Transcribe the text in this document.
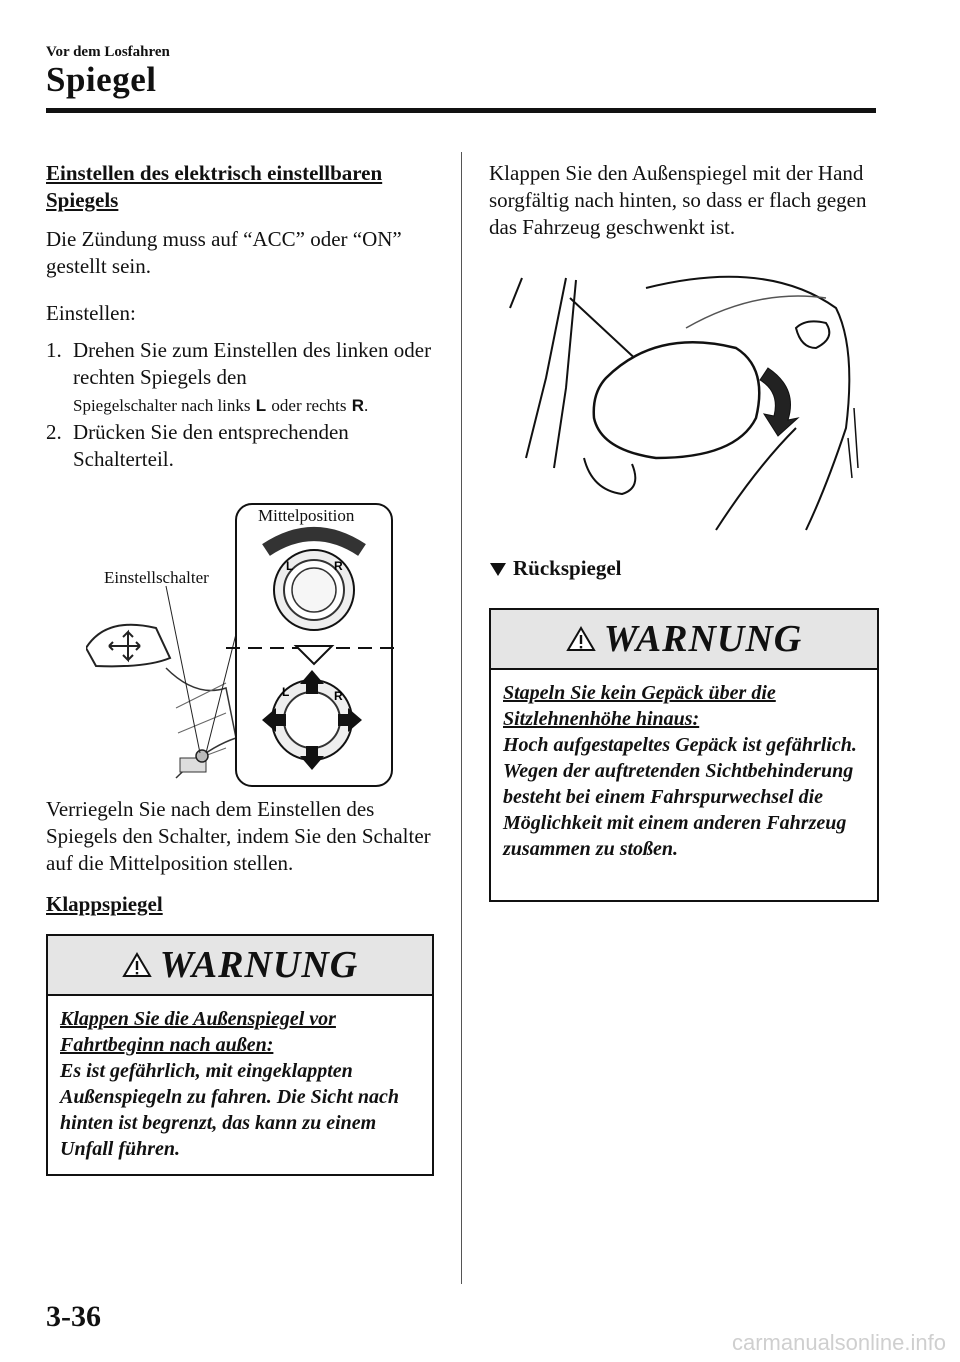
Vor dem Losfahren
Spiegel
Einstellen des elektrisch einstellbaren Spiegels
Die Zündung muss auf “ACC” oder “ON” gestellt sein.
Einstellen:
1. Drehen Sie zum Einstellen des linken oder rechten Spiegels den
Spiegelschalter nach links L oder rechts R.
2. Drücken Sie den entsprechenden Schalterteil.
L	R
L	R
Mittelposition
Einstellschalter
Verriegeln Sie nach dem Einstellen des Spiegels den Schalter, indem Sie den Schalter auf die Mittelposition stellen.
Klappspiegel
WARNUNG
Klappen Sie die Außenspiegel vor Fahrtbeginn nach außen:
Es ist gefährlich, mit eingeklappten Außenspiegeln zu fahren. Die Sicht nach hinten ist begrenzt, das kann zu einem Unfall führen.
Klappen Sie den Außenspiegel mit der Hand sorgfältig nach hinten, so dass er flach gegen das Fahrzeug geschwenkt ist.
Rückspiegel
WARNUNG
Stapeln Sie kein Gepäck über die Sitzlehnenhöhe hinaus:
Hoch aufgestapeltes Gepäck ist gefährlich. Wegen der auftretenden Sichtbehinderung besteht bei einem Fahrspurwechsel die Möglichkeit mit einem anderen Fahrzeug zusammen zu stoßen.
3-36
carmanualsonline.info
